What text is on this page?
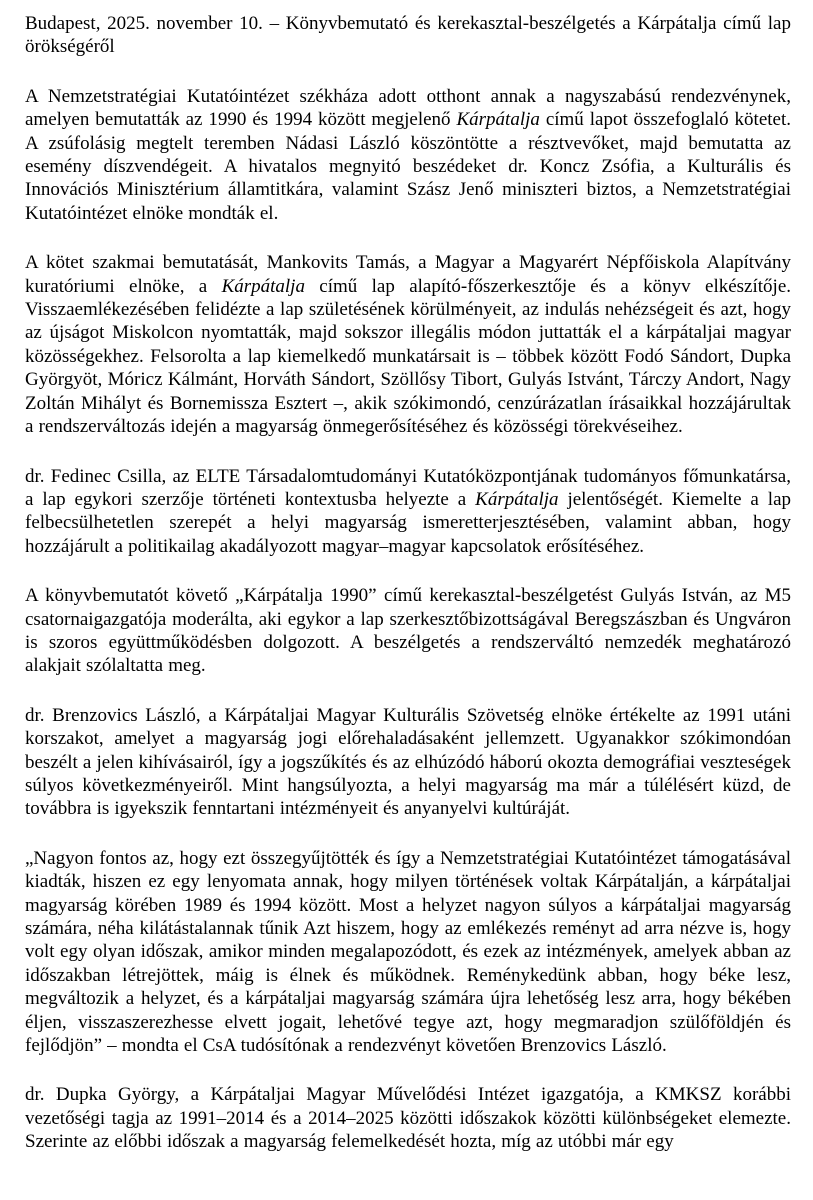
Budapest, 2025. november 10. – Könyvbemutató és kerekasztal-beszélgetés a Kárpátalja című lap örökségéről

A Nemzetstratégiai Kutatóintézet székháza adott otthont annak a nagyszabású rendezvénynek, amelyen bemutatták az 1990 és 1994 között megjelenő Kárpátalja című lapot összefoglaló kötetet. A zsúfolásig megtelt teremben Nádasi László köszöntötte a résztvevőket, majd bemutatta az esemény díszvendégeit. A hivatalos megnyitó beszédeket dr. Koncz Zsófia, a Kulturális és Innovációs Minisztérium államtitkára, valamint Szász Jenő miniszteri biztos, a Nemzetstratégiai Kutatóintézet elnöke mondták el.

A kötet szakmai bemutatását, Mankovits Tamás, a Magyar a Magyarért Népfőiskola Alapítvány kuratóriumi elnöke, a Kárpátalja című lap alapító-főszerkesztője és a könyv elkészítője. Visszaemlékezésében felidézte a lap születésének körülményeit, az indulás nehézségeit és azt, hogy az újságot Miskolcon nyomtatták, majd sokszor illegális módon juttatták el a kárpátaljai magyar közösségekhez. Felsorolta a lap kiemelkedő munkatársait is – többek között Fodó Sándort, Dupka Györgyöt, Móricz Kálmánt, Horváth Sándort, Szöllősy Tibort, Gulyás Istvánt, Tárczy Andort, Nagy Zoltán Mihályt és Bornemissza Esztert –, akik szókimondó, cenzúrázatlan írásaikkal hozzájárultak a rendszerváltozás idején a magyarság önmegerősítéséhez és közösségi törekvéseihez.

dr. Fedinec Csilla, az ELTE Társadalomtudományi Kutatóközpontjának tudományos főmunkatársa, a lap egykori szerzője történeti kontextusba helyezte a Kárpátalja jelentőségét. Kiemelte a lap felbecsülhetetlen szerepét a helyi magyarság ismeretterjesztésében, valamint abban, hogy hozzájárult a politikailag akadályozott magyar–magyar kapcsolatok erősítéséhez.

A könyvbemutatót követő „Kárpátalja 1990” című kerekasztal-beszélgetést Gulyás István, az M5 csatornaigazgatója moderálta, aki egykor a lap szerkesztőbizottságával Beregszászban és Ungváron is szoros együttműködésben dolgozott. A beszélgetés a rendszerváltó nemzedék meghatározó alakjait szólaltatta meg.

dr. Brenzovics László, a Kárpátaljai Magyar Kulturális Szövetség elnöke értékelte az 1991 utáni korszakot, amelyet a magyarság jogi előrehaladásaként jellemzett. Ugyanakkor szókimondóan beszélt a jelen kihívásairól, így a jogszűkítés és az elhúzódó háború okozta demográfiai veszteségek súlyos következményeiről. Mint hangsúlyozta, a helyi magyarság ma már a túlélésért küzd, de továbbra is igyekszik fenntartani intézményeit és anyanyelvi kultúráját.

„Nagyon fontos az, hogy ezt összegyűjtötték és így a Nemzetstratégiai Kutatóintézet támogatásával kiadták, hiszen ez egy lenyomata annak, hogy milyen történések voltak Kárpátalján, a kárpátaljai magyarság körében 1989 és 1994 között. Most a helyzet nagyon súlyos a kárpátaljai magyarság számára, néha kilátástalannak tűnik Azt hiszem, hogy az emlékezés reményt ad arra nézve is, hogy volt egy olyan időszak, amikor minden megalapozódott, és ezek az intézmények, amelyek abban az időszakban létrejöttek, máig is élnek és működnek. Reménykedünk abban, hogy béke lesz, megváltozik a helyzet, és a kárpátaljai magyarság számára újra lehetőség lesz arra, hogy békében éljen, visszaszerezhesse elvett jogait, lehetővé tegye azt, hogy megmaradjon szülőföldjén és fejlődjön” – mondta el CsA tudósítónak a rendezvényt követően Brenzovics László.

dr. Dupka György, a Kárpátaljai Magyar Művelődési Intézet igazgatója, a KMKSZ korábbi vezetőségi tagja az 1991–2014 és a 2014–2025 közötti időszakok közötti különbségeket elemezte. Szerinte az előbbi időszak a magyarság felemelkedését hozta, míg az utóbbi már egy
